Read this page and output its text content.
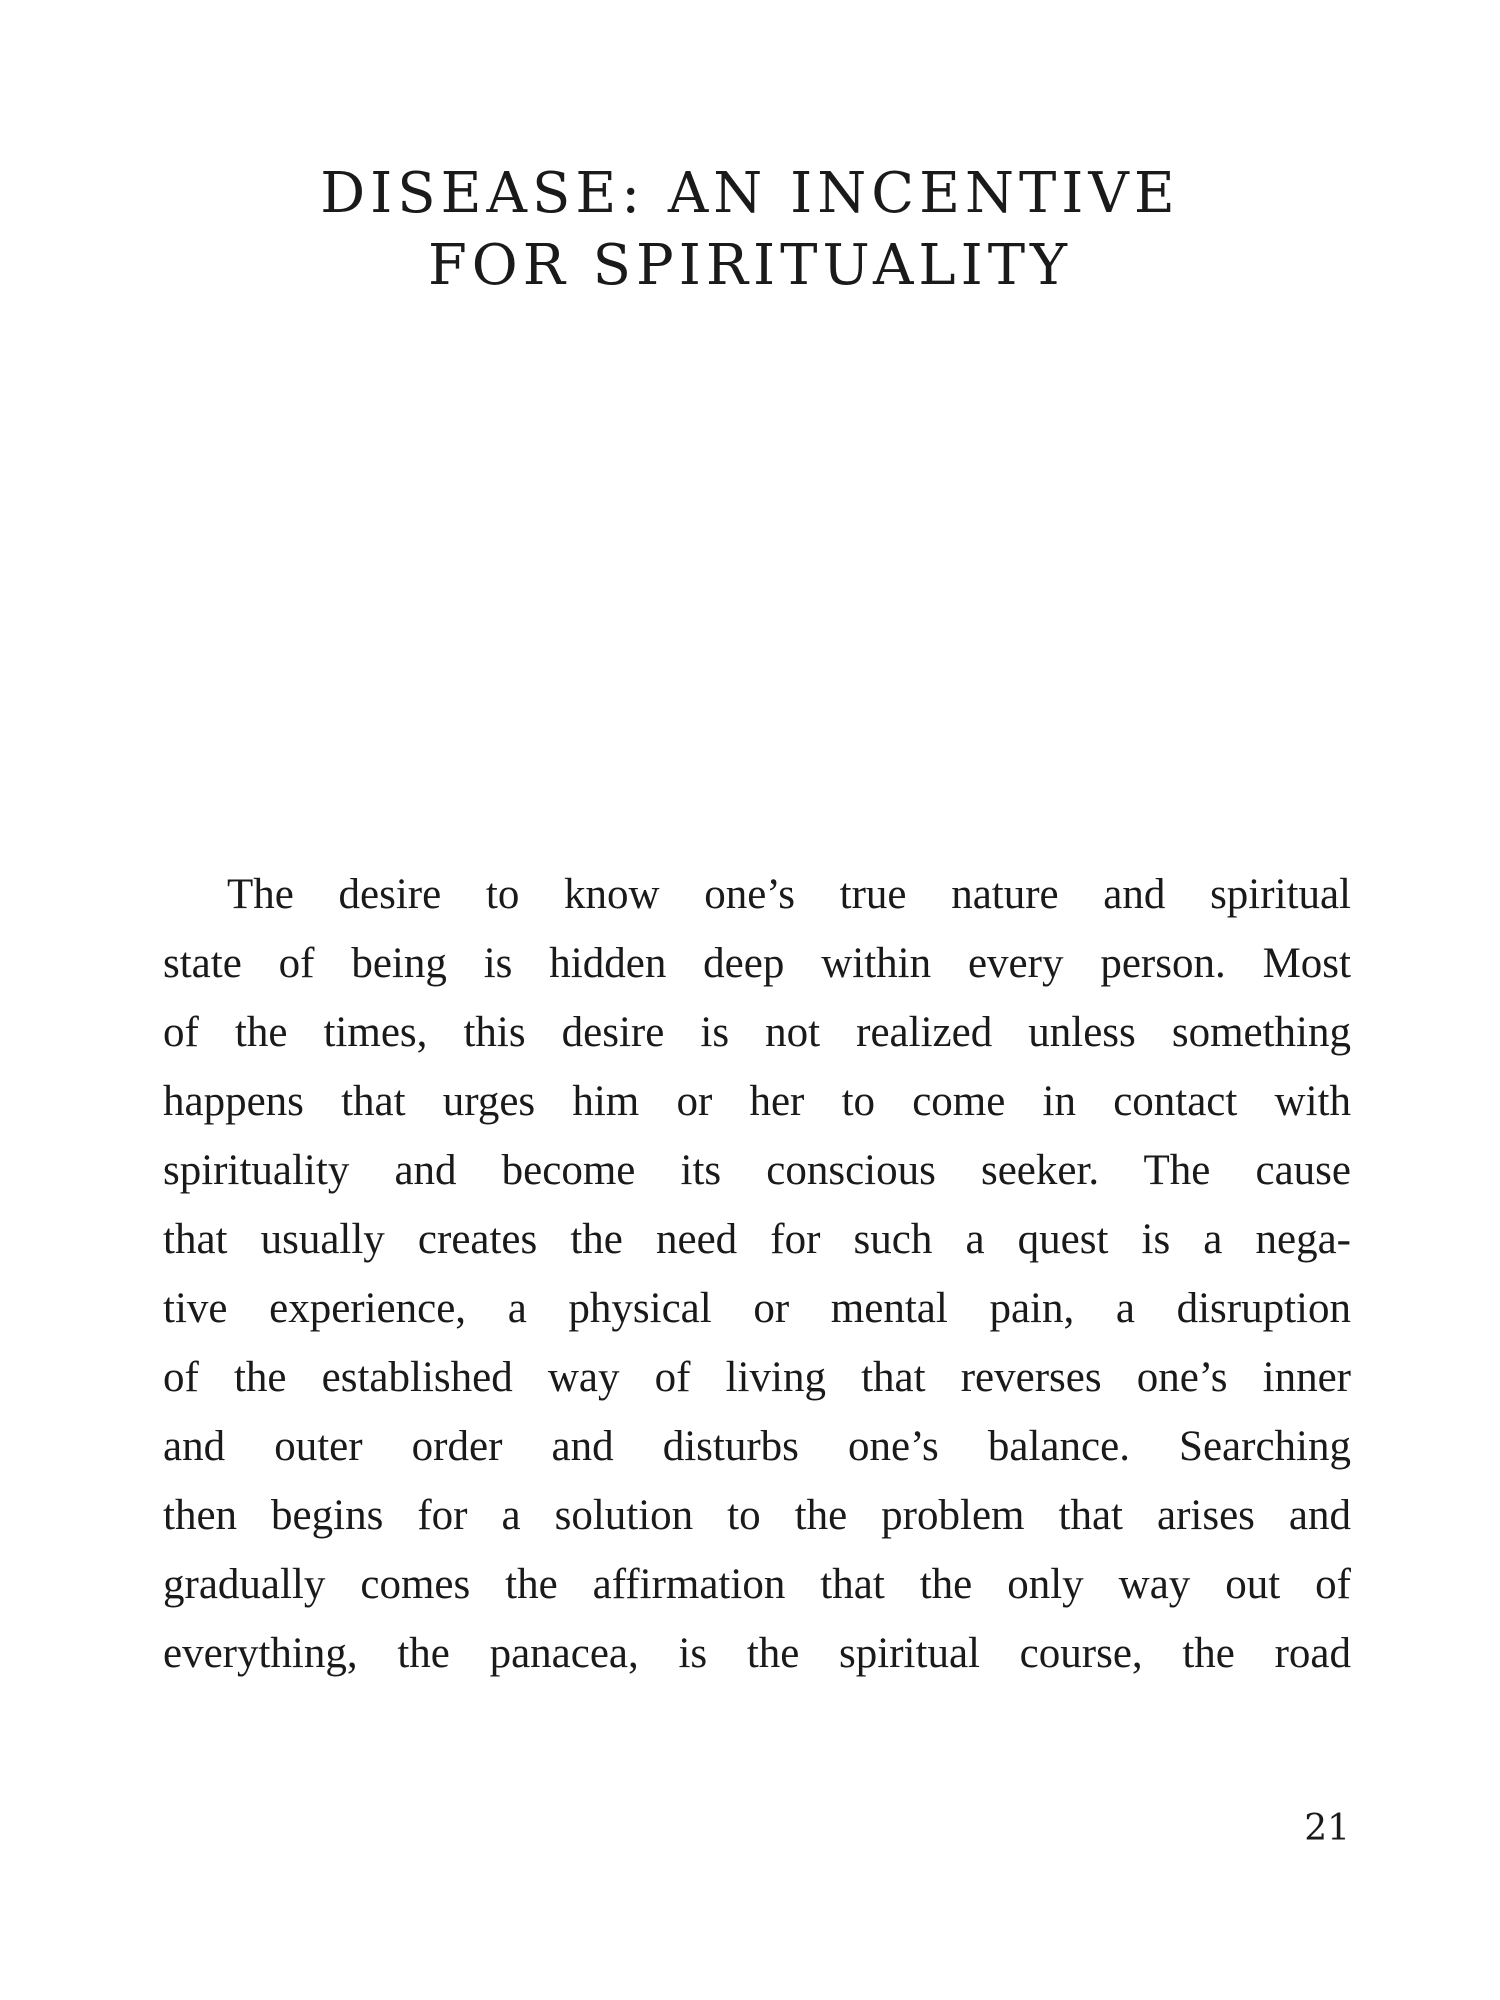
DISEASE: AN INCENTIVE
FOR SPIRITUALITY
The desire to know one’s true nature and spiritual
state of being is hidden deep within every person. Most
of the times, this desire is not realized unless something
happens that urges him or her to come in contact with
spirituality and become its conscious seeker. The cause
that usually creates the need for such a quest is a nega-
tive experience, a physical or mental pain, a disruption
of the established way of living that reverses one’s inner
and outer order and disturbs one’s balance. Searching
then begins for a solution to the problem that arises and
gradually comes the affirmation that the only way out of
everything, the panacea, is the spiritual course, the road

21
